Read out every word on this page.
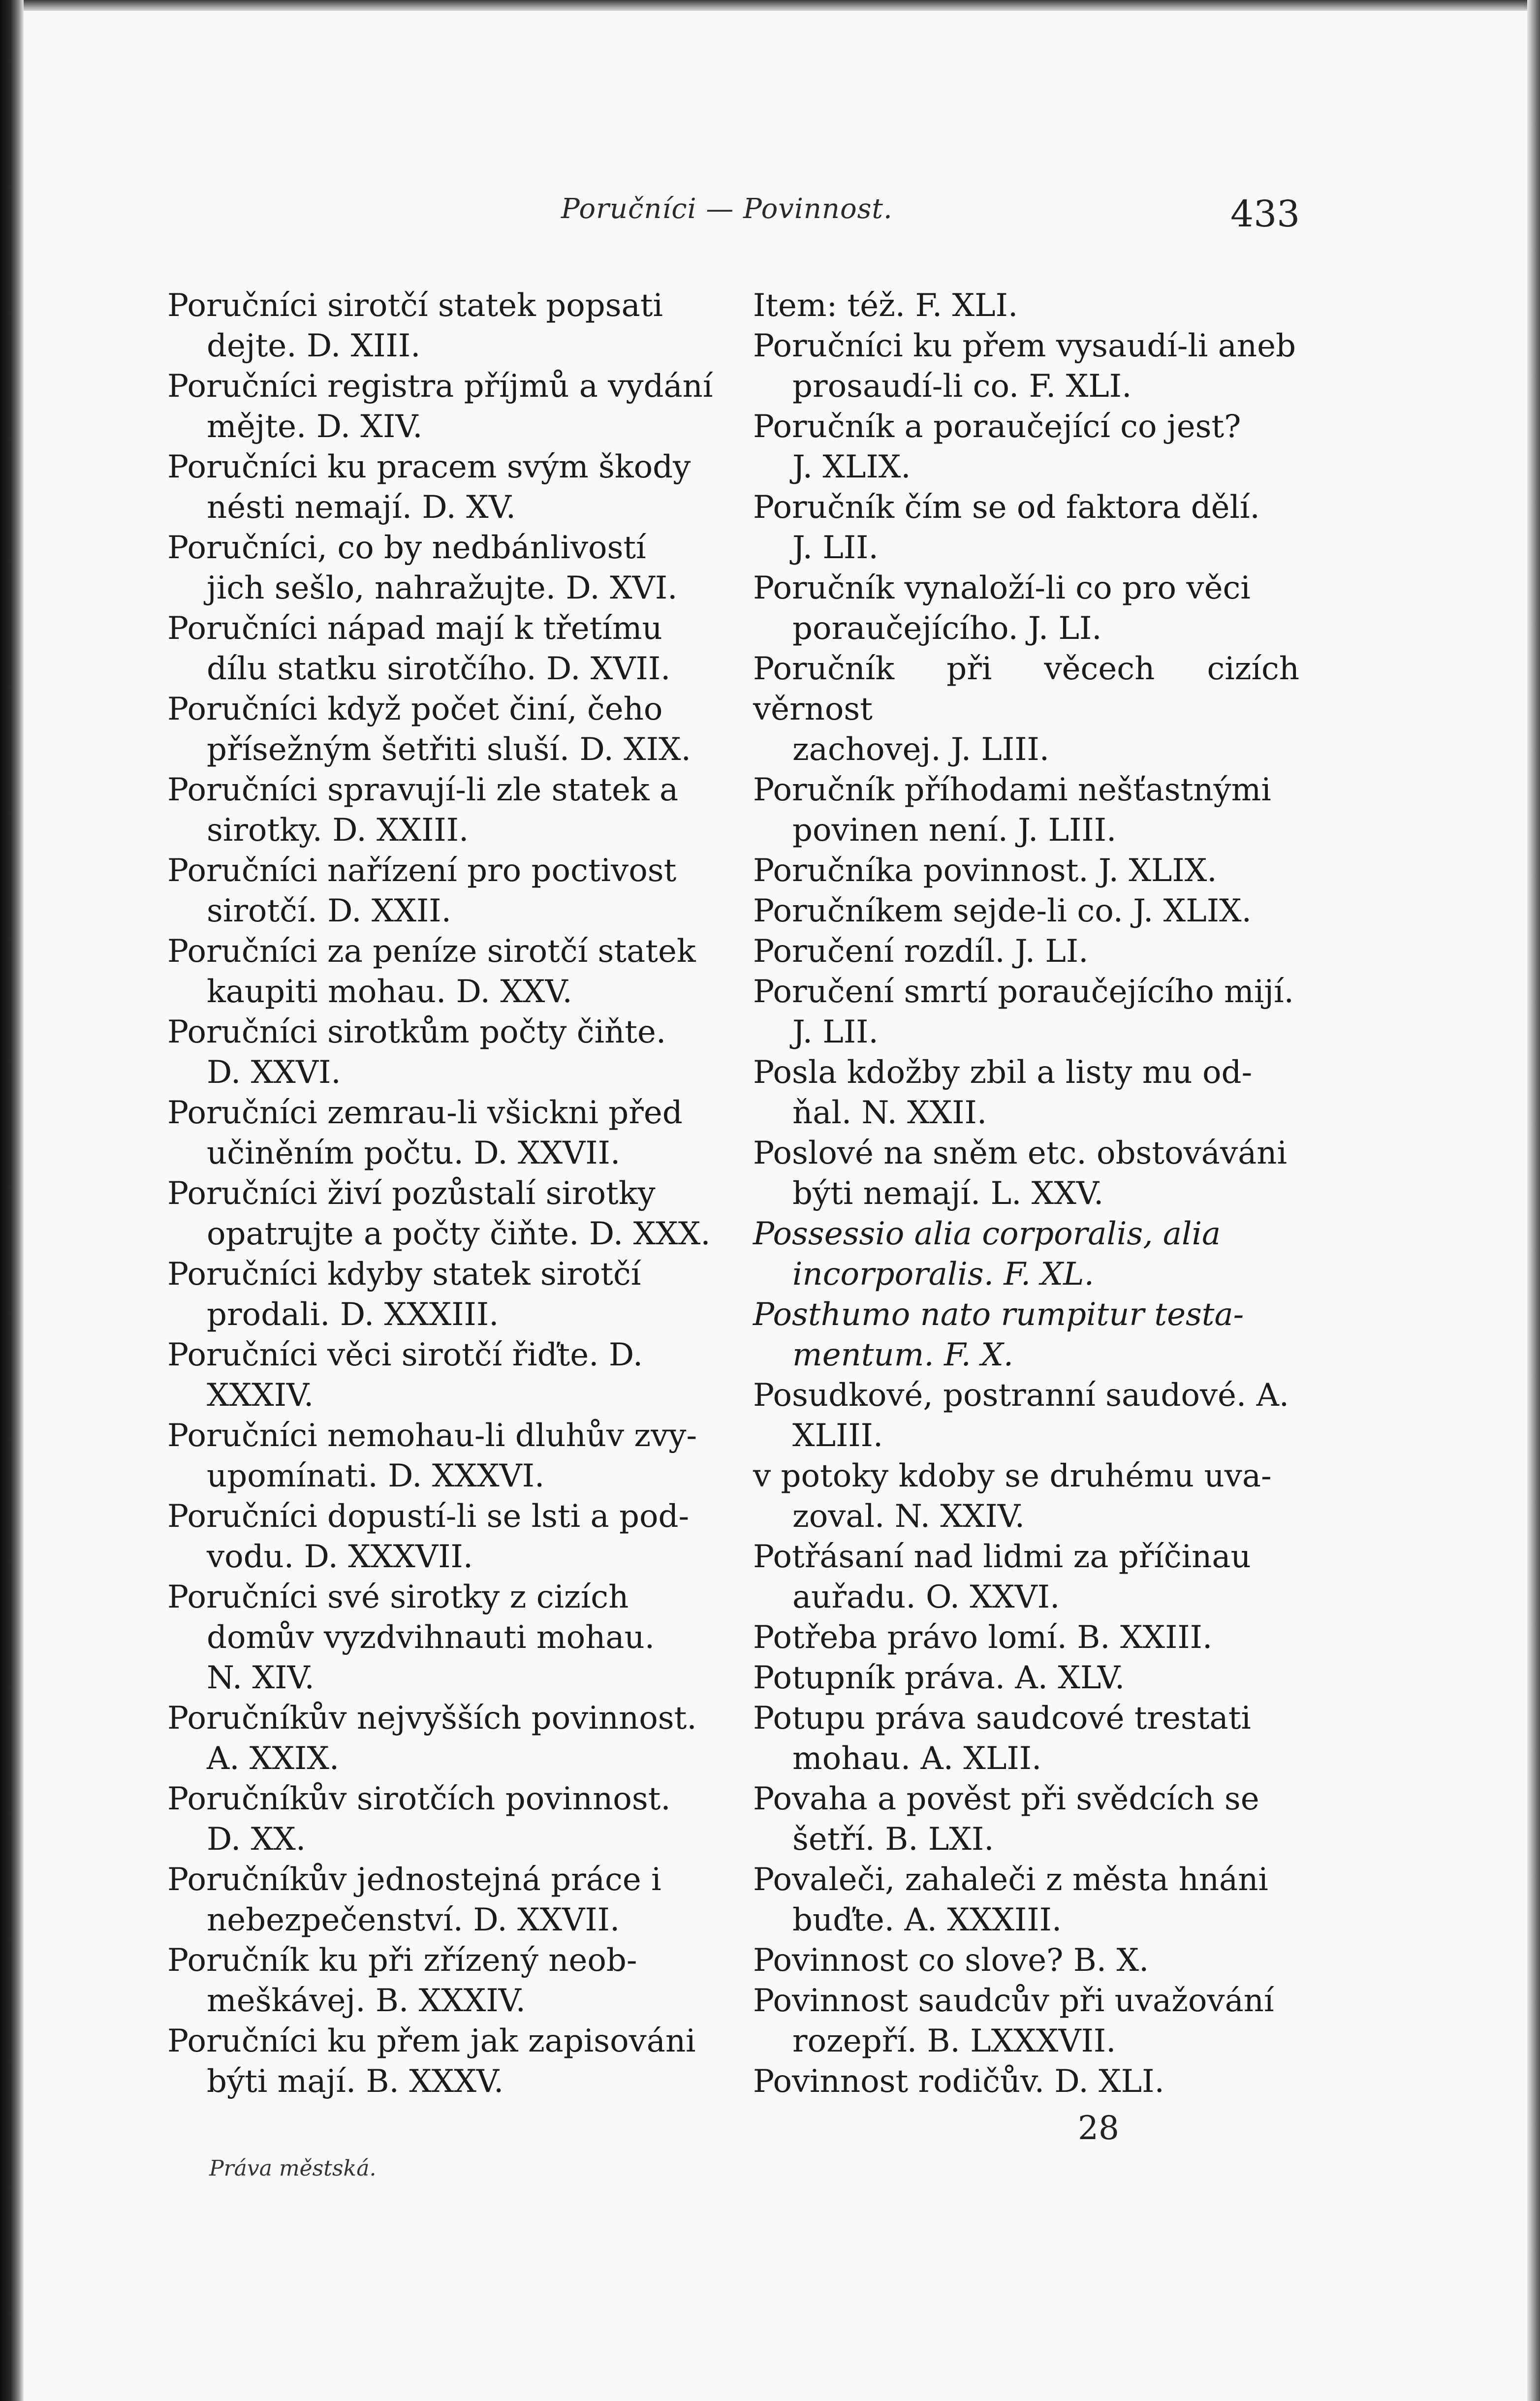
Poručníci — Povinnost.	433
Poručníci sirotčí statek popsati
dejte. D. XIII.
Poručníci registra příjmů a vydání
mějte. D. XIV.
Poručníci ku pracem svým škody
nésti nemají. D. XV.
Poručníci, co by nedbánlivostí
jich sešlo, nahražujte. D. XVI.
Poručníci nápad mají k třetímu
dílu statku sirotčího. D. XVII.
Poručníci když počet činí, čeho
přísežným šetřiti sluší. D. XIX.
Poručníci spravují-li zle statek a
sirotky. D. XXIII.
Poručníci nařízení pro poctivost
sirotčí. D. XXII.
Poručníci za peníze sirotčí statek
kaupiti mohau. D. XXV.
Poručníci sirotkům počty čiňte.
D. XXVI.
Poručníci zemrau-li všickni před
učiněním počtu. D. XXVII.
Poručníci živí pozůstalí sirotky
opatrujte a počty čiňte. D. XXX.
Poručníci kdyby statek sirotčí
prodali. D. XXXIII.
Poručníci věci sirotčí řiďte. D.
XXXIV.
Poručníci nemohau-li dluhův zvy-
upomínati. D. XXXVI.
Poručníci dopustí-li se lsti a pod-
vodu. D. XXXVII.
Poručníci své sirotky z cizích
domův vyzdvihnauti mohau.
N. XIV.
Poručníkův nejvyšších povinnost.
A. XXIX.
Poručníkův sirotčích povinnost.
D. XX.
Poručníkův jednostejná práce i
nebezpečenství. D. XXVII.
Poručník ku při zřízený neob-
meškávej. B. XXXIV.
Poručníci ku přem jak zapisováni
býti mají. B. XXXV.
Item: též. F. XLI.
Poručníci ku přem vysaudí-li aneb
prosaudí-li co. F. XLI.
Poručník a poraučející co jest?
J. XLIX.
Poručník čím se od faktora dělí.
J. LII.
Poručník vynaloží-li co pro věci
poraučejícího. J. LI.
Poručník při věcech cizích věrnost
zachovej. J. LIII.
Poručník příhodami nešťastnými
povinen není. J. LIII.
Poručníka povinnost. J. XLIX.
Poručníkem sejde-li co. J. XLIX.
Poručení rozdíl. J. LI.
Poručení smrtí poraučejícího mijí.
J. LII.
Posla kdožby zbil a listy mu od-
ňal. N. XXII.
Poslové na sněm etc. obstováváni
býti nemají. L. XXV.
Possessio alia corporalis, alia
incorporalis. F. XL.
Posthumo nato rumpitur testa-
mentum. F. X.
Posudkové, postranní saudové. A.
XLIII.
v potoky kdoby se druhému uva-
zoval. N. XXIV.
Potřásaní nad lidmi za příčinau
auřadu. O. XXVI.
Potřeba právo lomí. B. XXIII.
Potupník práva. A. XLV.
Potupu práva saudcové trestati
mohau. A. XLII.
Povaha a pověst při svědcích se
šetří. B. LXI.
Povaleči, zahaleči z města hnáni
buďte. A. XXXIII.
Povinnost co slove? B. X.
Povinnost saudcův při uvažování
rozepří. B. LXXXVII.
Povinnost rodičův. D. XLI.
28
Práva městská.
